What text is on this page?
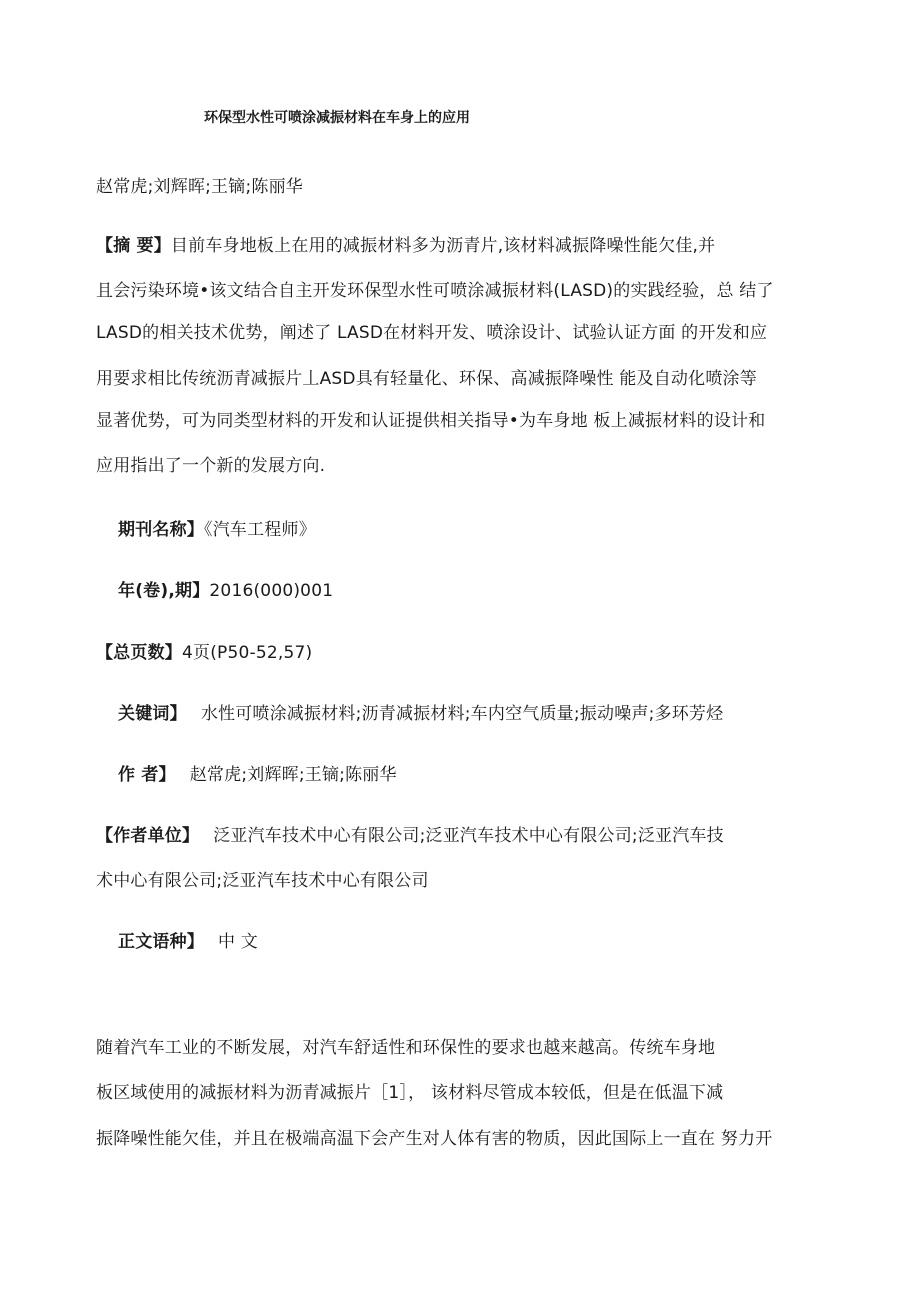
环保型水性可喷涂减振材料在车身上的应用
赵常虎;刘辉晖;王镝;陈丽华
【摘 要】目前车身地板上在用的减振材料多为沥青片,该材料减振降噪性能欠佳,并
且会污染环境•该文结合自主开发环保型水性可喷涂减振材料(LASD)的实践经验，总 结了
LASD的相关技术优势，阐述了 LASD在材料开发、喷涂设计、试验认证方面 的开发和应
用要求相比传统沥青减振片丄ASD具有轻量化、环保、高减振降噪性 能及自动化喷涂等
显著优势，可为同类型材料的开发和认证提供相关指导•为车身地 板上减振材料的设计和
应用指出了一个新的发展方向.
期刊名称】《汽车工程师》
年(卷),期】2016(000)001
【总页数】4页(P50-52,57)
关键词】 水性可喷涂减振材料;沥青减振材料;车内空气质量;振动噪声;多环芳烃
作 者】 赵常虎;刘辉晖;王镝;陈丽华
【作者单位】 泛亚汽车技术中心有限公司;泛亚汽车技术中心有限公司;泛亚汽车技
术中心有限公司;泛亚汽车技术中心有限公司
正文语种】 中 文
随着汽车工业的不断发展，对汽车舒适性和环保性的要求也越来越高。传统车身地
板区域使用的减振材料为沥青减振片［1］， 该材料尽管成本较低，但是在低温下减
振降噪性能欠佳，并且在极端高温下会产生对人体有害的物质，因此国际上一直在 努力开
